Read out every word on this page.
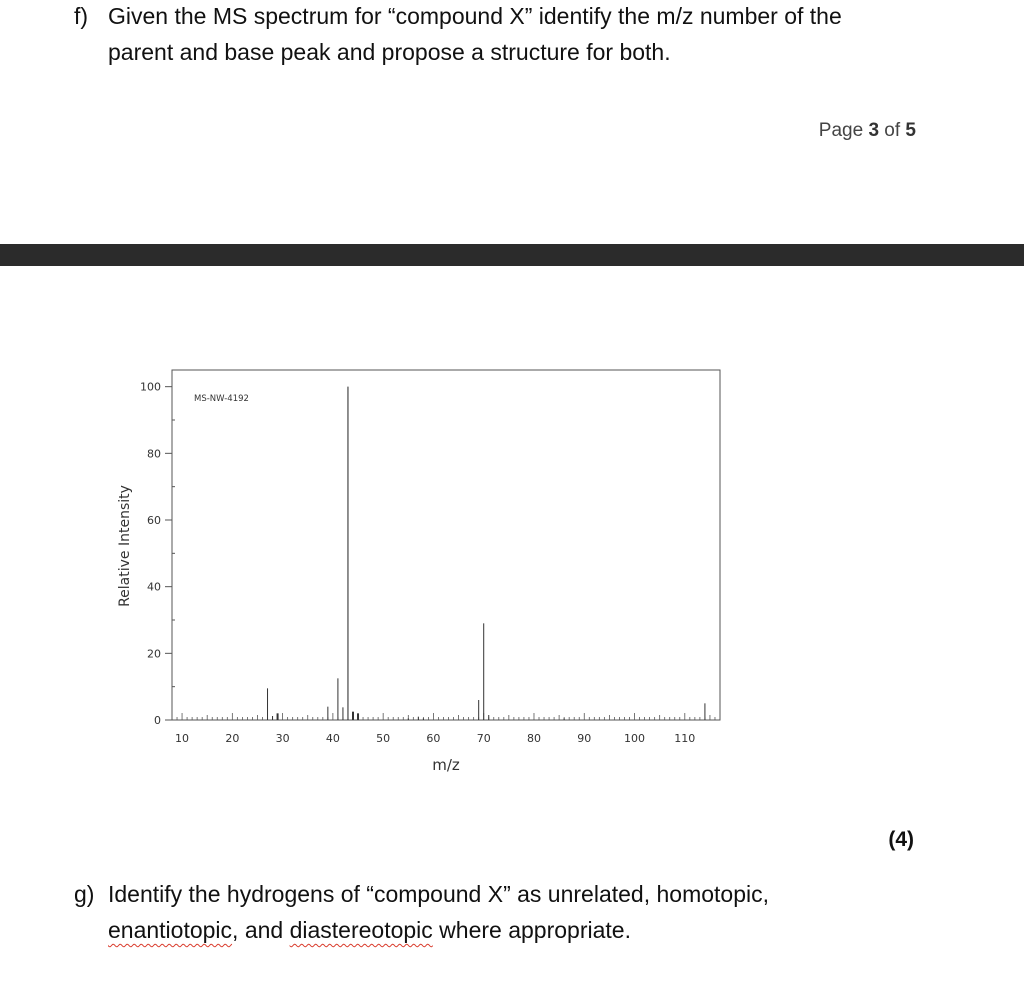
f) Given the MS spectrum for “compound X” identify the m/z number of the
parent and base peak and propose a structure for both.
Page 3 of 5
0
20
40
60
80
100
10	20	30	40	50	60	70	80	90	100	110
MS-NW-4192
m/z
Relative Intensity
(4)
g) Identify the hydrogens of “compound X” as unrelated, homotopic,
enantiotopic, and diastereotopic where appropriate.
